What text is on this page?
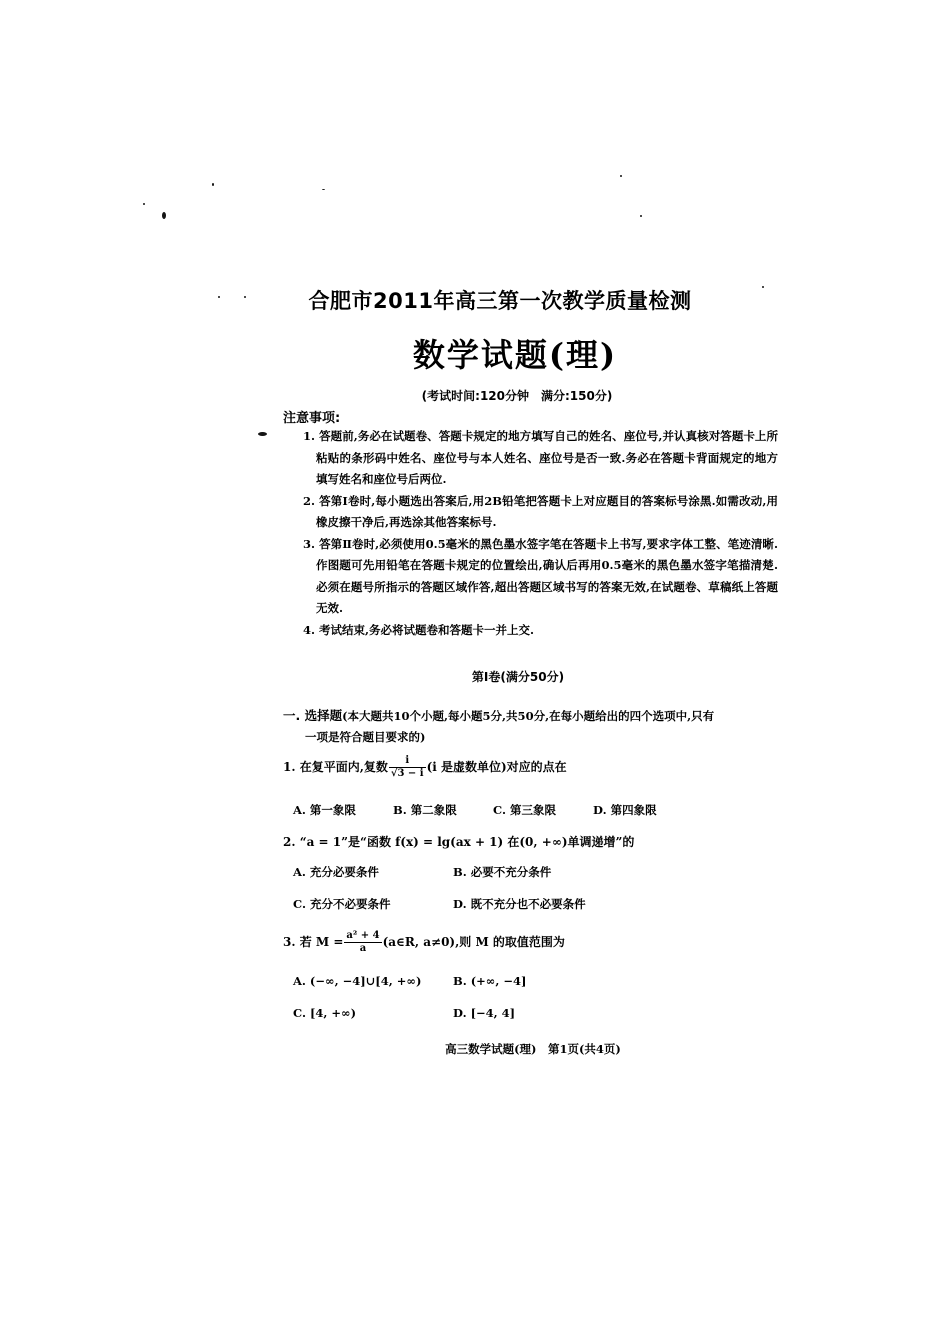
合肥市2011年高三第一次教学质量检测
数学试题(理)
(考试时间:120分钟　满分:150分)
注意事项:
1. 答题前,务必在试题卷、答题卡规定的地方填写自己的姓名、座位号,并认真核对答题卡上所粘贴的条形码中姓名、座位号与本人姓名、座位号是否一致.务必在答题卡背面规定的地方填写姓名和座位号后两位.
2. 答第Ⅰ卷时,每小题选出答案后,用2B铅笔把答题卡上对应题目的答案标号涂黑.如需改动,用橡皮擦干净后,再选涂其他答案标号.
3. 答第Ⅱ卷时,必须使用0.5毫米的黑色墨水签字笔在答题卡上书写,要求字体工整、笔迹清晰.作图题可先用铅笔在答题卡规定的位置绘出,确认后再用0.5毫米的黑色墨水签字笔描清楚.必须在题号所指示的答题区域作答,超出答题区域书写的答案无效,在试题卷、草稿纸上答题无效.
4. 考试结束,务必将试题卷和答题卡一并上交.
第Ⅰ卷(满分50分)
一. 选择题(本大题共10个小题,每小题5分,共50分,在每小题给出的四个选项中,只有
一项是符合题目要求的)
1. 在复平面内,复数 $\frac{i}{√3 - i} (i$ 是虚数单位)对应的点在
A. 第一象限	B. 第二象限	C. 第三象限	D. 第四象限
2. “a = 1”是“函数 f(x) = lg(ax + 1) 在(0, +∞)单调递增”的
A. 充分必要条件	B. 必要不充分条件
C. 充分不必要条件	D. 既不充分也不必要条件
3. 若 $M = \frac{\text{a² + 4}}{a}$ (a∈R, a≠0),则 M 的取值范围为
A. (−∞, −4]∪[4, +∞)	B. (+∞, −4]
C. [4, +∞)	D. [−4, 4]
高三数学试题(理)　第1页(共4页)
